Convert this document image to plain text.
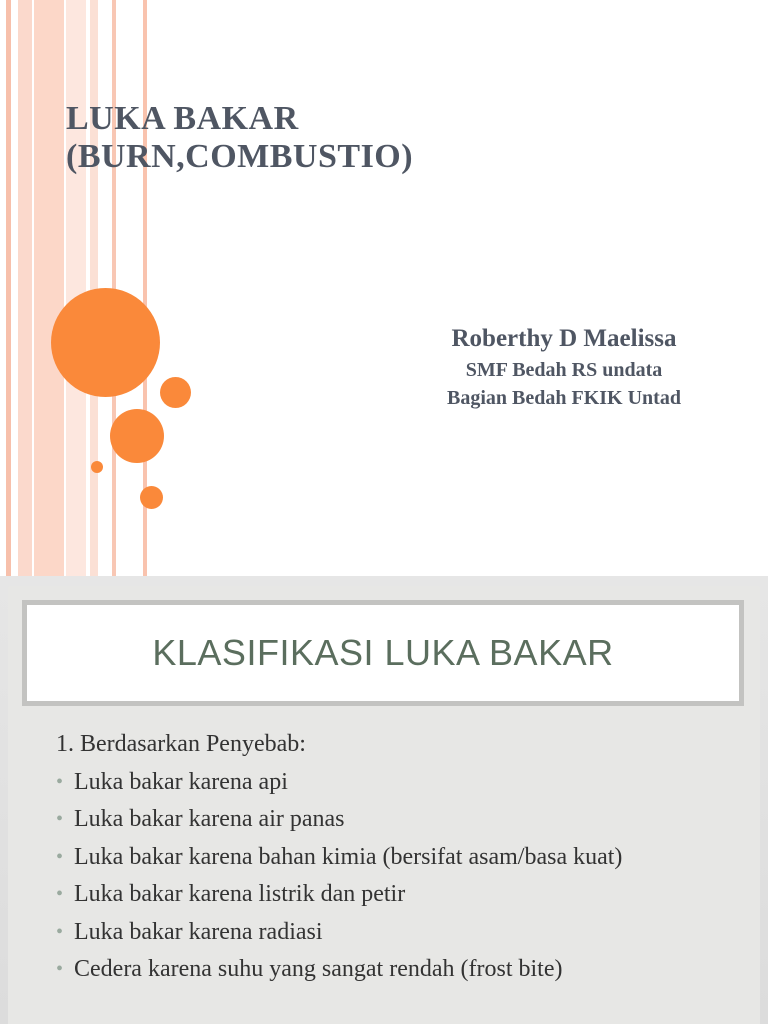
LUKA BAKAR
(BURN,COMBUSTIO)
Roberthy D Maelissa
SMF Bedah RS undata
Bagian Bedah FKIK Untad
KLASIFIKASI LUKA BAKAR
1. Berdasarkan Penyebab:
• Luka bakar karena api
• Luka bakar karena air panas
• Luka bakar karena bahan kimia (bersifat asam/basa kuat)
• Luka bakar karena listrik dan petir
• Luka bakar karena radiasi
• Cedera karena suhu yang sangat rendah (frost bite)
